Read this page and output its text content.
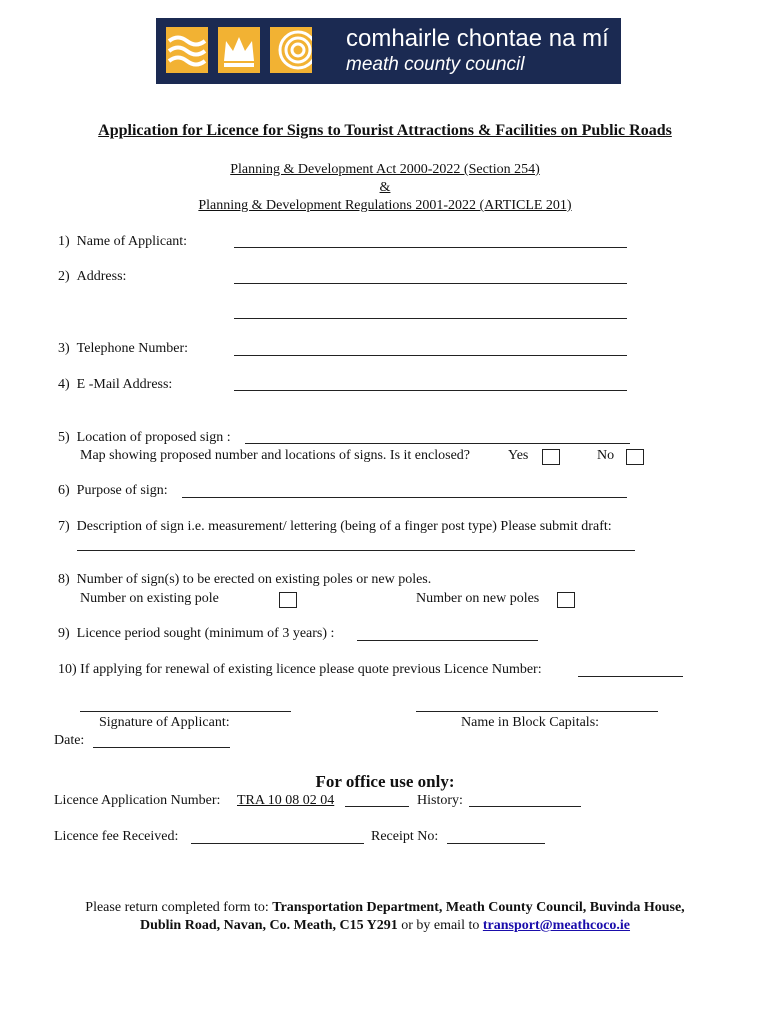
comhairle chontae na mí
meath county council
Application for Licence for Signs to Tourist Attractions & Facilities on Public Roads
Planning & Development Act 2000-2022 (Section 254)
&
Planning & Development Regulations 2001-2022 (ARTICLE 201)
1)  Name of Applicant:
2)  Address:
3)  Telephone Number:
4)  E -Mail Address:
5)  Location of proposed sign :
Map showing proposed number and locations of signs. Is it enclosed?	Yes	No
6)  Purpose of sign:
7)  Description of sign i.e. measurement/ lettering (being of a finger post type) Please submit draft:
8)  Number of sign(s) to be erected on existing poles or new poles.
Number on existing pole	Number on new poles
9)  Licence period sought (minimum of 3 years) :
10) If applying for renewal of existing licence please quote previous Licence Number:
Signature of Applicant:	Name in Block Capitals:
Date:
For office use only:
Licence Application Number: TRA 10 08 02 04	History:
Licence fee Received:	Receipt No:
Please return completed form to: Transportation Department, Meath County Council, Buvinda House,
Dublin Road, Navan, Co. Meath, C15 Y291 or by email to transport@meathcoco.ie
